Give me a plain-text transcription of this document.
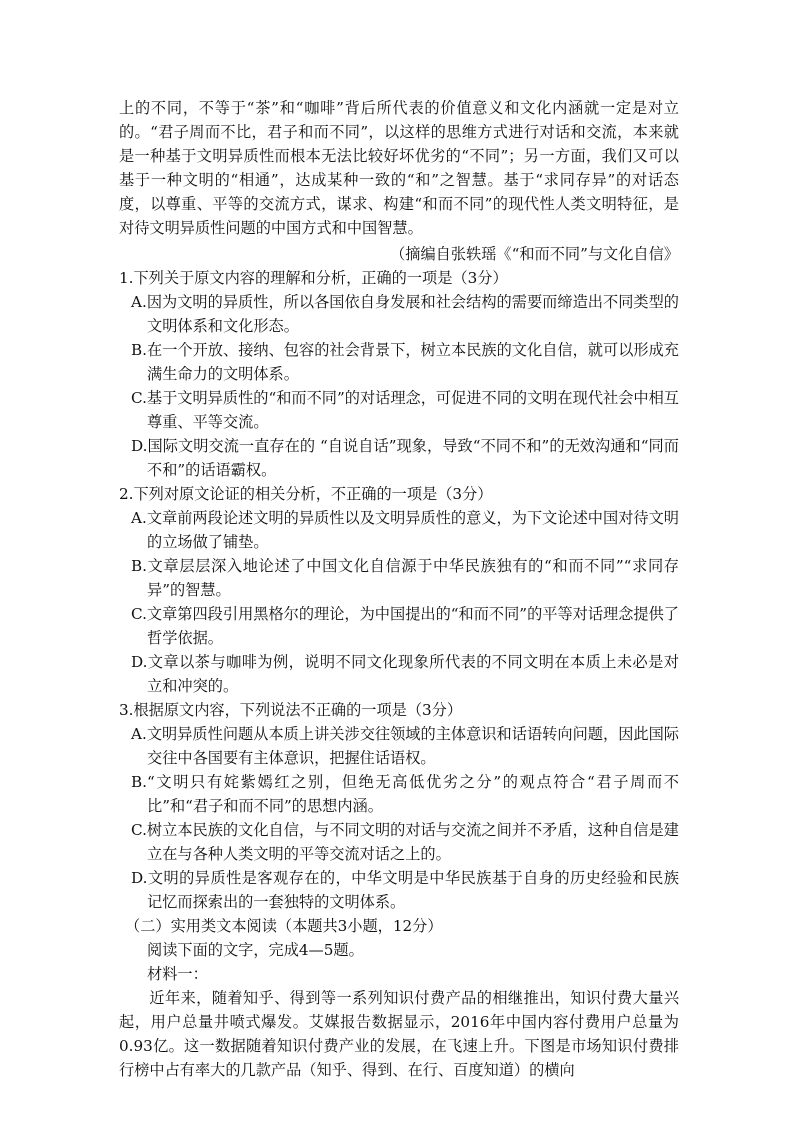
上的不同，不等于“茶”和“咖啡”背后所代表的价值意义和文化内涵就一定是对立的。“君子周而不比，君子和而不同”，以这样的思维方式进行对话和交流，本来就是一种基于文明异质性而根本无法比较好坏优劣的“不同”；另一方面，我们又可以基于一种文明的“相通”，达成某种一致的“和”之智慧。基于“求同存异”的对话态度，以尊重、平等的交流方式，谋求、构建“和而不同”的现代性人类文明特征，是对待文明异质性问题的中国方式和中国智慧。

（摘编自张轶瑶《“和而不同”与文化自信》

1.下列关于原文内容的理解和分析，正确的一项是（3分）

A.因为文明的异质性，所以各国依自身发展和社会结构的需要而缔造出不同类型的文明体系和文化形态。

B.在一个开放、接纳、包容的社会背景下，树立本民族的文化自信，就可以形成充满生命力的文明体系。

C.基于文明异质性的“和而不同”的对话理念，可促进不同的文明在现代社会中相互尊重、平等交流。

D.国际文明交流一直存在的 “自说自话”现象，导致“不同不和”的无效沟通和“同而不和”的话语霸权。

2.下列对原文论证的相关分析，不正确的一项是（3分）

A.文章前两段论述文明的异质性以及文明异质性的意义，为下文论述中国对待文明的立场做了铺垫。

B.文章层层深入地论述了中国文化自信源于中华民族独有的“和而不同”“求同存异”的智慧。

C.文章第四段引用黑格尔的理论，为中国提出的“和而不同”的平等对话理念提供了哲学依据。

D.文章以茶与咖啡为例，说明不同文化现象所代表的不同文明在本质上未必是对立和冲突的。

3.根据原文内容，下列说法不正确的一项是（3分）

A.文明异质性问题从本质上讲关涉交往领域的主体意识和话语转向问题，因此国际交往中各国要有主体意识，把握住话语权。

B.“文明只有姹紫嫣红之别，但绝无高低优劣之分”的观点符合“君子周而不比”和“君子和而不同”的思想内涵。

C.树立本民族的文化自信，与不同文明的对话与交流之间并不矛盾，这种自信是建立在与各种人类文明的平等交流对话之上的。

D.文明的异质性是客观存在的，中华文明是中华民族基于自身的历史经验和民族记忆而探索出的一套独特的文明体系。

（二）实用类文本阅读（本题共3小题，12分）

阅读下面的文字，完成4—5题。

材料一：

近年来，随着知乎、得到等一系列知识付费产品的相继推出，知识付费大量兴起，用户总量井喷式爆发。艾媒报告数据显示，2016年中国内容付费用户总量为0.93亿。这一数据随着知识付费产业的发展，在飞速上升。下图是市场知识付费排行榜中占有率大的几款产品（知乎、得到、在行、百度知道）的横向
